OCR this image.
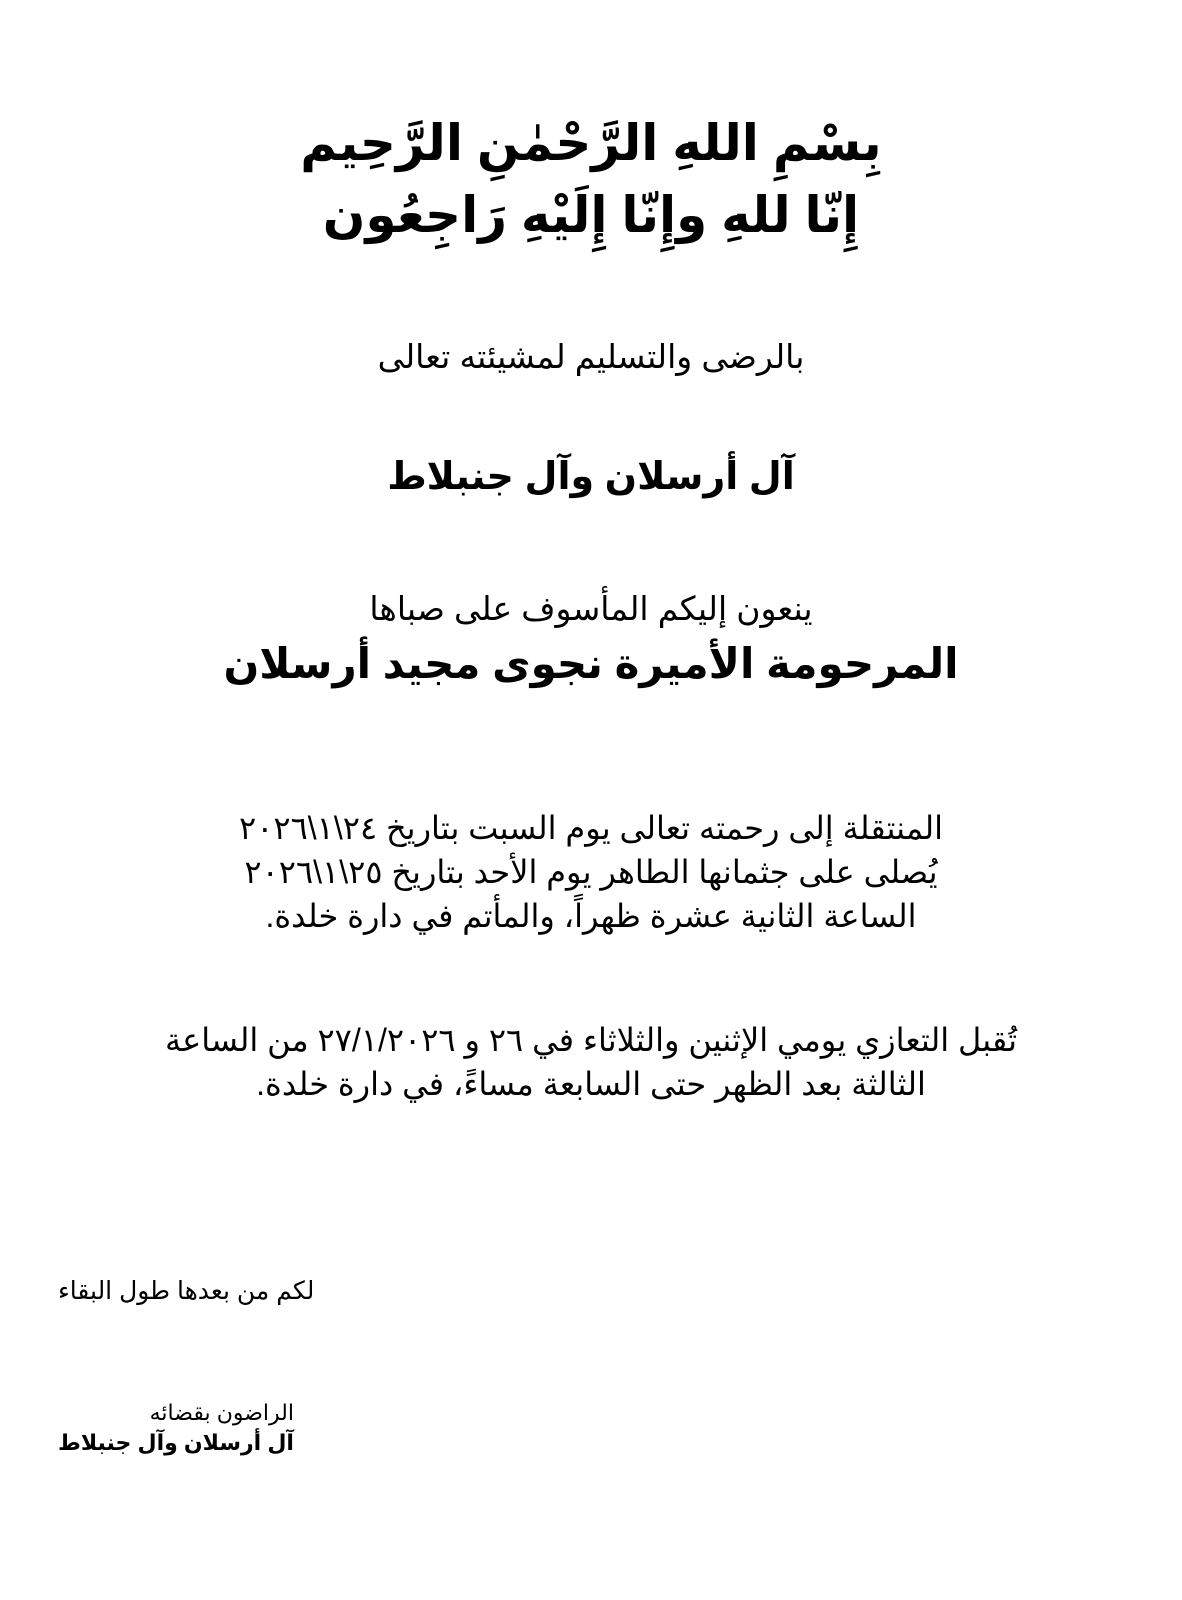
بِسْمِ اللهِ الرَّحْمٰنِ الرَّحِيم
إِنّا للهِ وإِنّا إِلَيْهِ رَاجِعُون
بالرضى والتسليم لمشيئته تعالى
آل أرسلان وآل جنبلاط
ينعون إليكم المأسوف على صباها
المرحومة الأميرة نجوى مجيد أرسلان
المنتقلة إلى رحمته تعالى يوم السبت بتاريخ ٢٤\١\٢٠٢٦
يُصلى على جثمانها الطاهر يوم الأحد بتاريخ ٢٥\١\٢٠٢٦
الساعة الثانية عشرة ظهراً، والمأتم في دارة خلدة.
تُقبل التعازي يومي الإثنين والثلاثاء في ٢٦ و ٢٧/١/٢٠٢٦ من الساعة
الثالثة بعد الظهر حتى السابعة مساءً، في دارة خلدة.
لكم من بعدها طول البقاء
الراضون بقضائه
آل أرسلان وآل جنبلاط
